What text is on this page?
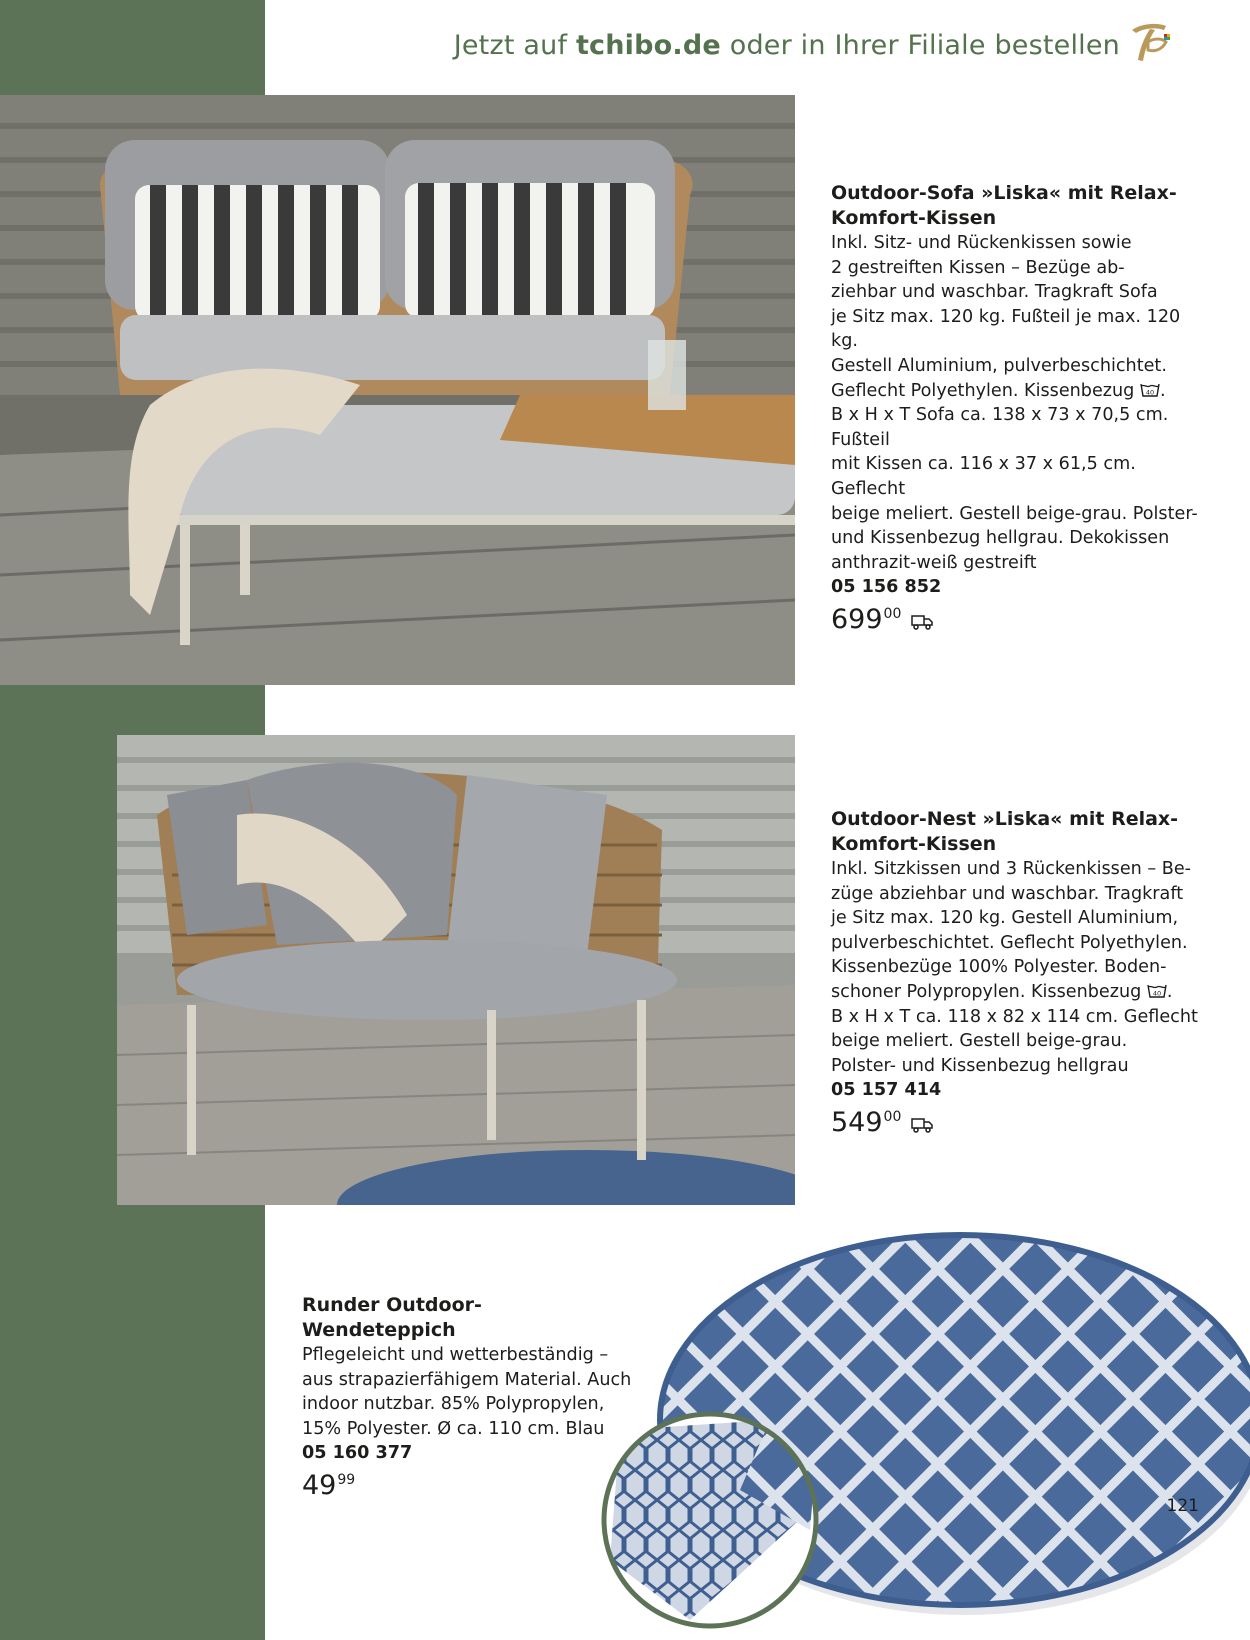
Jetzt auf tchibo.de oder in Ihrer Filiale bestellen
Outdoor-Sofa »Liska« mit Relax-
Komfort-Kissen
Inkl. Sitz- und Rückenkissen sowie
2 gestreiften Kissen – Bezüge ab-
ziehbar und waschbar. Tragkraft Sofa
je Sitz max. 120 kg. Fußteil je max. 120 kg.
Gestell Aluminium, pulverbeschichtet.
Geflecht Polyethylen. Kissenbezug 40 .
B x H x T Sofa ca. 138 x 73 x 70,5 cm. Fußteil
mit Kissen ca. 116 x 37 x 61,5 cm. Geflecht
beige meliert. Gestell beige-grau. Polster-
und Kissenbezug hellgrau. Dekokissen
anthrazit-weiß gestreift
05 156 852
699 00
Outdoor-Nest »Liska« mit Relax-
Komfort-Kissen
Inkl. Sitzkissen und 3 Rückenkissen – Be-
züge abziehbar und waschbar. Tragkraft
je Sitz max. 120 kg. Gestell Aluminium,
pulverbeschichtet. Geflecht Polyethylen.
Kissenbezüge 100% Polyester. Boden-
schoner Polypropylen. Kissenbezug 40 .
B x H x T ca. 118 x 82 x 114 cm. Geflecht
beige meliert. Gestell beige-grau.
Polster- und Kissenbezug hellgrau
05 157 414
549 00
Runder Outdoor-Wendeteppich
Pflegeleicht und wetterbeständig –
aus strapazierfähigem Material. Auch
indoor nutzbar. 85% Polypropylen,
15% Polyester. Ø ca. 110 cm. Blau
05 160 377
49 99
121
